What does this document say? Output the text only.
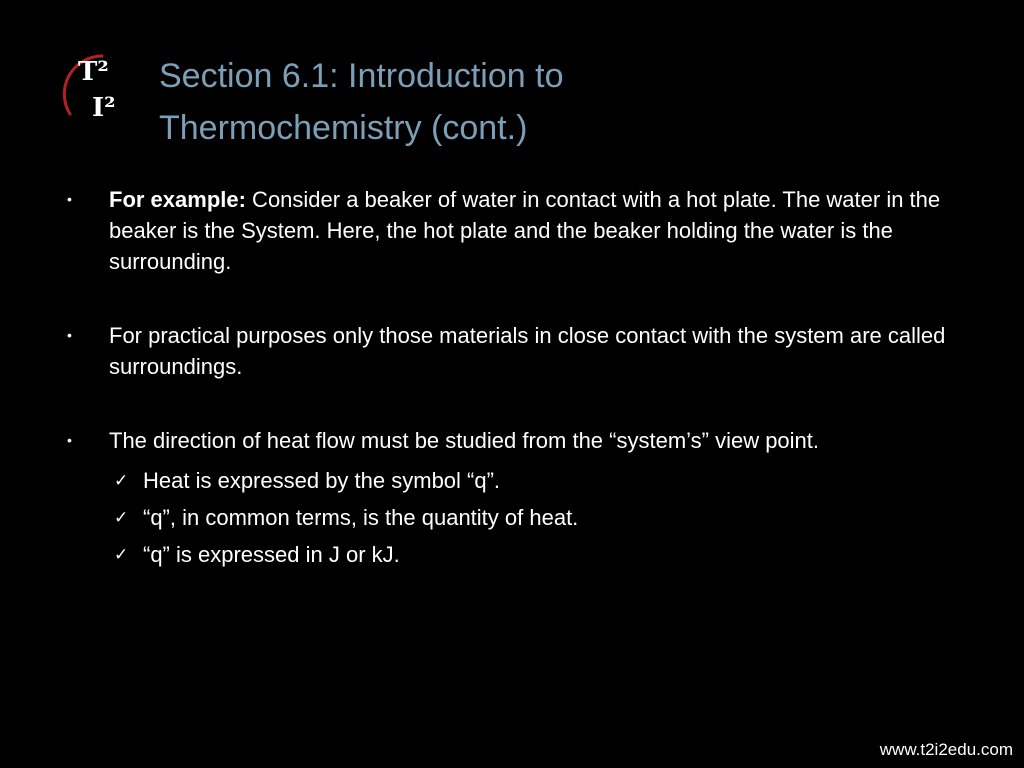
T²
I²
Section 6.1: Introduction to
Thermochemistry (cont.)
• For example: Consider a beaker of water in contact with a hot plate. The water in the beaker is the System. Here, the hot plate and the beaker holding the water is the surrounding.
• For practical purposes only those materials in close contact with the system are called surroundings.
• The direction of heat flow must be studied from the “system’s” view point.
✓ Heat is expressed by the symbol “q”.
✓ “q”, in common terms, is the quantity of heat.
✓ “q” is expressed in J or kJ.
www.t2i2edu.com
